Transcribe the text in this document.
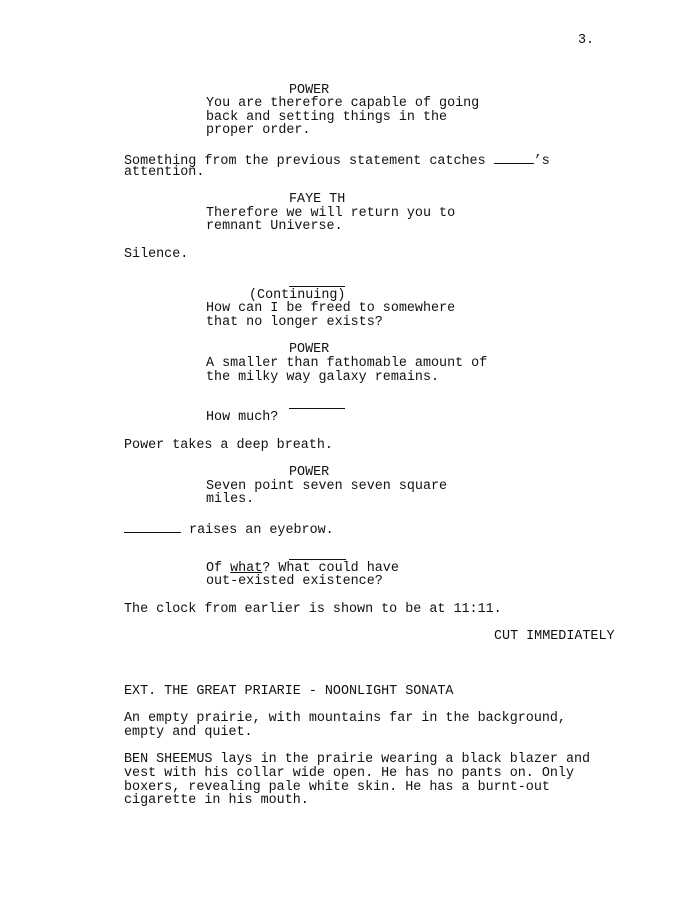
3.
POWER
You are therefore capable of going
back and setting things in the
proper order.
Something from the previous statement catches	’s
attention.
FAYE TH
Therefore we will return you to
remnant Universe.
Silence.
(Continuing)
How can I be freed to somewhere
that no longer exists?
POWER
A smaller than fathomable amount of
the milky way galaxy remains.
How much?
Power takes a deep breath.
POWER
Seven point seven seven square
miles.
raises an eyebrow.
Of what? What could have
out-existed existence?
The clock from earlier is shown to be at 11:11.
CUT IMMEDIATELY
EXT. THE GREAT PRIARIE - NOONLIGHT SONATA
An empty prairie, with mountains far in the background,
empty and quiet.
BEN SHEEMUS lays in the prairie wearing a black blazer and
vest with his collar wide open. He has no pants on. Only
boxers, revealing pale white skin. He has a burnt-out
cigarette in his mouth.
